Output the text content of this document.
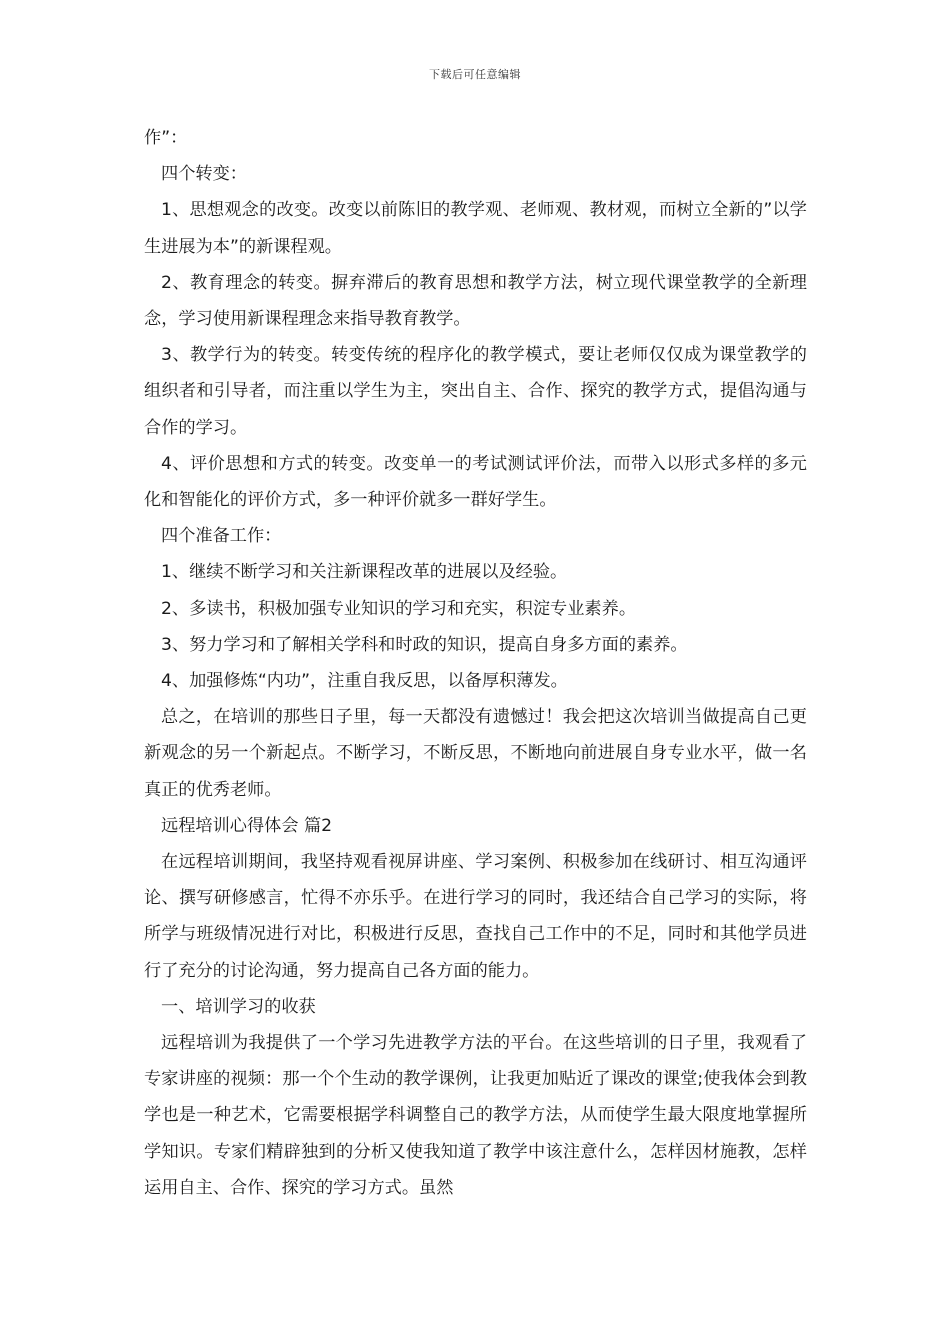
下载后可任意编辑

作”：

四个转变：

1、思想观念的改变。改变以前陈旧的教学观、老师观、教材观，而树立全新的”以学生进展为本”的新课程观。

2、教育理念的转变。摒弃滞后的教育思想和教学方法，树立现代课堂教学的全新理念，学习使用新课程理念来指导教育教学。

3、教学行为的转变。转变传统的程序化的教学模式，要让老师仅仅成为课堂教学的组织者和引导者，而注重以学生为主，突出自主、合作、探究的教学方式，提倡沟通与合作的学习。

4、评价思想和方式的转变。改变单一的考试测试评价法，而带入以形式多样的多元化和智能化的评价方式，多一种评价就多一群好学生。

四个准备工作：

1、继续不断学习和关注新课程改革的进展以及经验。

2、多读书，积极加强专业知识的学习和充实，积淀专业素养。

3、努力学习和了解相关学科和时政的知识，提高自身多方面的素养。

4、加强修炼“内功”，注重自我反思，以备厚积薄发。

总之，在培训的那些日子里，每一天都没有遗憾过！我会把这次培训当做提高自己更新观念的另一个新起点。不断学习，不断反思，不断地向前进展自身专业水平，做一名真正的优秀老师。

远程培训心得体会 篇2

在远程培训期间，我坚持观看视屏讲座、学习案例、积极参加在线研讨、相互沟通评论、撰写研修感言，忙得不亦乐乎。在进行学习的同时，我还结合自己学习的实际，将所学与班级情况进行对比，积极进行反思，查找自己工作中的不足，同时和其他学员进行了充分的讨论沟通，努力提高自己各方面的能力。

一、培训学习的收获

远程培训为我提供了一个学习先进教学方法的平台。在这些培训的日子里，我观看了专家讲座的视频：那一个个生动的教学课例，让我更加贴近了课改的课堂;使我体会到教学也是一种艺术，它需要根据学科调整自己的教学方法，从而使学生最大限度地掌握所学知识。专家们精辟独到的分析又使我知道了教学中该注意什么，怎样因材施教，怎样运用自主、合作、探究的学习方式。虽然
